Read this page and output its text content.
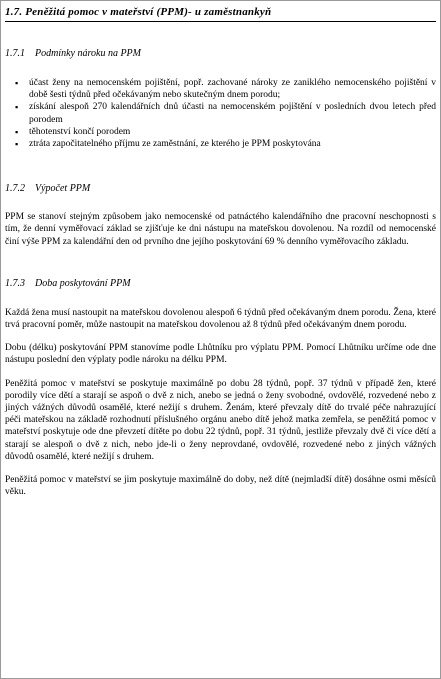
1.7. Peněžitá pomoc v mateřství (PPM)- u zaměstnankyň
1.7.1 Podmínky nároku na PPM
▪ účast ženy na nemocenském pojištění, popř. zachované nároky ze zaniklého nemocenského pojištění v době šesti týdnů před očekávaným nebo skutečným dnem porodu;
▪ získání alespoň 270 kalendářních dnů účasti na nemocenském pojištění v posledních dvou letech před porodem
▪ těhotenství končí porodem
▪ ztráta započitatelného příjmu ze zaměstnání, ze kterého je PPM poskytována
1.7.2 Výpočet PPM

PPM se stanoví stejným způsobem jako nemocenské od patnáctého kalendářního dne pracovní neschopnosti s tím, že denní vyměřovací základ se zjišťuje ke dni nástupu na mateřskou dovolenou. Na rozdíl od nemocenské činí výše PPM za kalendářní den od prvního dne jejího poskytování 69 % denního vyměřovacího základu.

1.7.3 Doba poskytování PPM

Každá žena musí nastoupit na mateřskou dovolenou alespoň 6 týdnů před očekávaným dnem porodu. Žena, které trvá pracovní poměr, může nastoupit na mateřskou dovolenou až 8 týdnů před očekávaným dnem porodu.

Dobu (délku) poskytování PPM stanovíme podle Lhůtníku pro výplatu PPM. Pomocí Lhůtníku určíme ode dne nástupu poslední den výplaty podle nároku na délku PPM.

Peněžitá pomoc v mateřství se poskytuje maximálně po dobu 28 týdnů, popř. 37 týdnů v případě žen, které porodily více dětí a starají se aspoň o dvě z nich, anebo se jedná o ženy svobodné, ovdovělé, rozvedené nebo z jiných vážných důvodů osamělé, které nežijí s druhem. Ženám, které převzaly dítě do trvalé péče nahrazující péči mateřskou na základě rozhodnutí příslušného orgánu anebo dítě jehož matka zemřela, se peněžitá pomoc v mateřství poskytuje ode dne převzetí dítěte po dobu 22 týdnů, popř. 31 týdnů, jestliže převzaly dvě či více dětí a starají se alespoň o dvě z nich, nebo jde-li o ženy neprovdané, ovdovělé, rozvedené nebo z jiných vážných důvodů osamělé, které nežijí s druhem.

Peněžitá pomoc v mateřství se jim poskytuje maximálně do doby, než dítě (nejmladší dítě) dosáhne osmi měsíců věku.
